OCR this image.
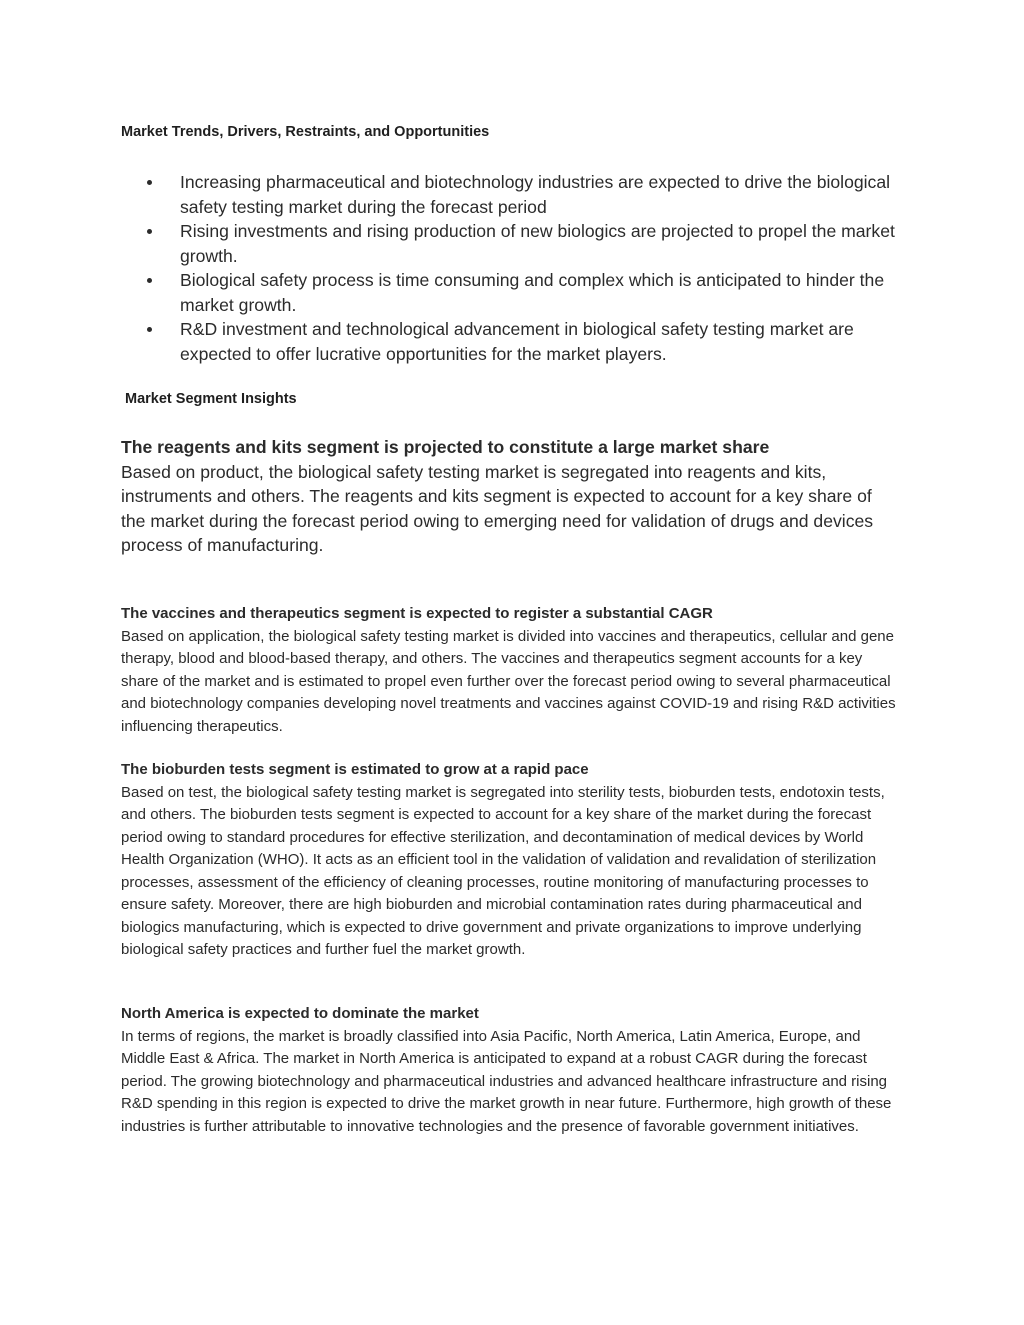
Market Trends, Drivers, Restraints, and Opportunities

Increasing pharmaceutical and biotechnology industries are expected to drive the biological safety testing market during the forecast period
Rising investments and rising production of new biologics are projected to propel the market growth.
Biological safety process is time consuming and complex which is anticipated to hinder the market growth.
R&D investment and technological advancement in biological safety testing market are expected to offer lucrative opportunities for the market players.

Market Segment Insights

The reagents and kits segment is projected to constitute a large market share

Based on product, the biological safety testing market is segregated into reagents and kits, instruments and others. The reagents and kits segment is expected to account for a key share of the market during the forecast period owing to emerging need for validation of drugs and devices process of manufacturing.

The vaccines and therapeutics segment is expected to register a substantial CAGR

Based on application, the biological safety testing market is divided into vaccines and therapeutics, cellular and gene therapy, blood and blood-based therapy, and others. The vaccines and therapeutics segment accounts for a key share of the market and is estimated to propel even further over the forecast period owing to several pharmaceutical and biotechnology companies developing novel treatments and vaccines against COVID-19 and rising R&D activities influencing therapeutics.

The bioburden tests segment is estimated to grow at a rapid pace

Based on test, the biological safety testing market is segregated into sterility tests, bioburden tests, endotoxin tests, and others. The bioburden tests segment is expected to account for a key share of the market during the forecast period owing to standard procedures for effective sterilization, and decontamination of medical devices by World Health Organization (WHO). It acts as an efficient tool in the validation of validation and revalidation of sterilization processes, assessment of the efficiency of cleaning processes, routine monitoring of manufacturing processes to ensure safety. Moreover, there are high bioburden and microbial contamination rates during pharmaceutical and biologics manufacturing, which is expected to drive government and private organizations to improve underlying biological safety practices and further fuel the market growth.

North America is expected to dominate the market

In terms of regions, the market is broadly classified into Asia Pacific, North America, Latin America, Europe, and Middle East & Africa. The market in North America is anticipated to expand at a robust CAGR during the forecast period. The growing biotechnology and pharmaceutical industries and advanced healthcare infrastructure and rising R&D spending in this region is expected to drive the market growth in near future. Furthermore, high growth of these industries is further attributable to innovative technologies and the presence of favorable government initiatives.
